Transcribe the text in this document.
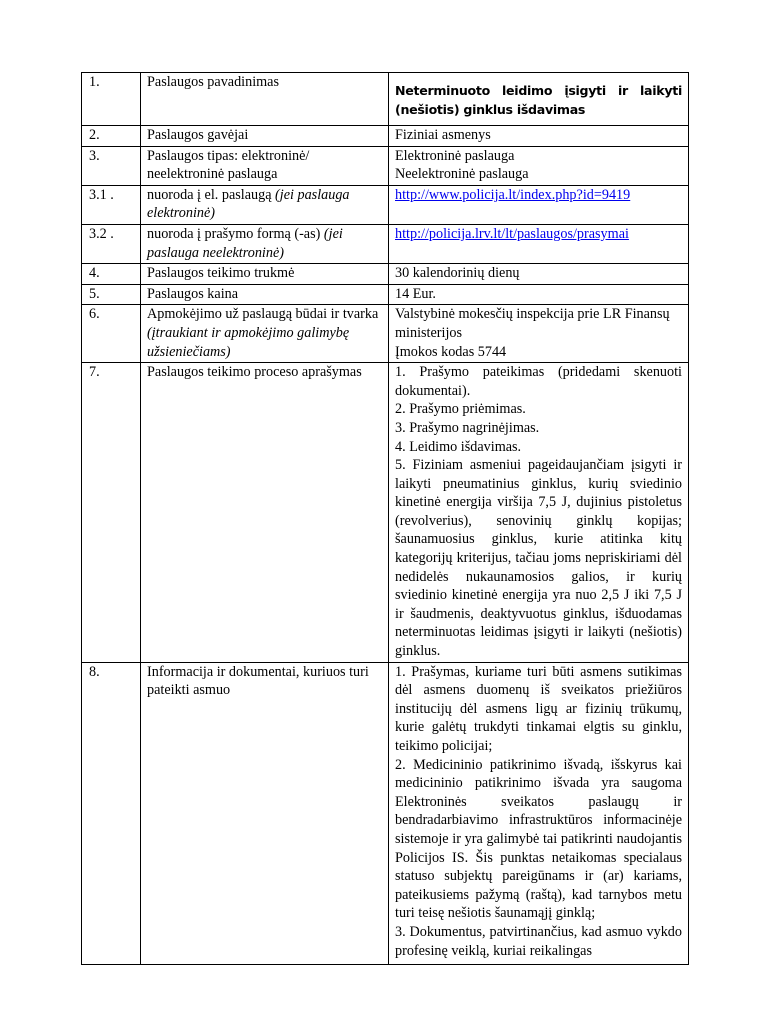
1.	Paslaugos pavadinimas	Neterminuoto leidimo įsigyti ir laikyti (nešiotis) ginklus išdavimas
2.	Paslaugos gavėjai	Fiziniai asmenys
3.	Paslaugos tipas: elektroninė/ neelektroninė paslauga	Elektroninė paslauga
Neelektroninė paslauga

3.1 .	nuoroda į el. paslaugą (jei paslauga elektroninė)	http://www.policija.lt/index.php?id=9419
3.2 .	nuoroda į prašymo formą (-as) (jei paslauga neelektroninė)	http://policija.lrv.lt/lt/paslaugos/prasymai
4.	Paslaugos teikimo trukmė	30 kalendorinių dienų
5.	Paslaugos kaina	14 Eur.
6.	Apmokėjimo už paslaugą būdai ir tvarka (įtraukiant ir apmokėjimo galimybę užsieniečiams)	Valstybinė mokesčių inspekcija prie LR Finansų ministerijos
Įmokos kodas 5744

7.	Paslaugos teikimo proceso aprašymas	1. Prašymo pateikimas (pridedami skenuoti dokumentai).
2. Prašymo priėmimas.
3. Prašymo nagrinėjimas.
4. Leidimo išdavimas.
5. Fiziniam asmeniui pageidaujančiam įsigyti ir laikyti pneumatinius ginklus, kurių sviedinio kinetinė energija viršija 7,5 J, dujinius pistoletus (revolverius), senovinių ginklų kopijas; šaunamuosius ginklus, kurie atitinka kitų kategorijų kriterijus, tačiau joms nepriskiriami dėl nedidelės nukaunamosios galios, ir kurių sviedinio kinetinė energija yra nuo 2,5 J iki 7,5 J ir šaudmenis, deaktyvuotus ginklus, išduodamas neterminuotas leidimas įsigyti ir laikyti (nešiotis) ginklus.

8.	Informacija ir dokumentai, kuriuos turi pateikti asmuo	1. Prašymas, kuriame turi būti asmens sutikimas dėl asmens duomenų iš sveikatos priežiūros institucijų dėl asmens ligų ar fizinių trūkumų, kurie galėtų trukdyti tinkamai elgtis su ginklu, teikimo policijai;
2. Medicininio patikrinimo išvadą, išskyrus kai medicininio patikrinimo išvada yra saugoma Elektroninės sveikatos paslaugų ir bendradarbiavimo infrastruktūros informacinėje sistemoje ir yra galimybė tai patikrinti naudojantis Policijos IS. Šis punktas netaikomas specialaus statuso subjektų pareigūnams ir (ar) kariams, pateikusiems pažymą (raštą), kad tarnybos metu turi teisę nešiotis šaunamąjį ginklą;
3. Dokumentus, patvirtinančius, kad asmuo vykdo profesinę veiklą, kuriai reikalingas
